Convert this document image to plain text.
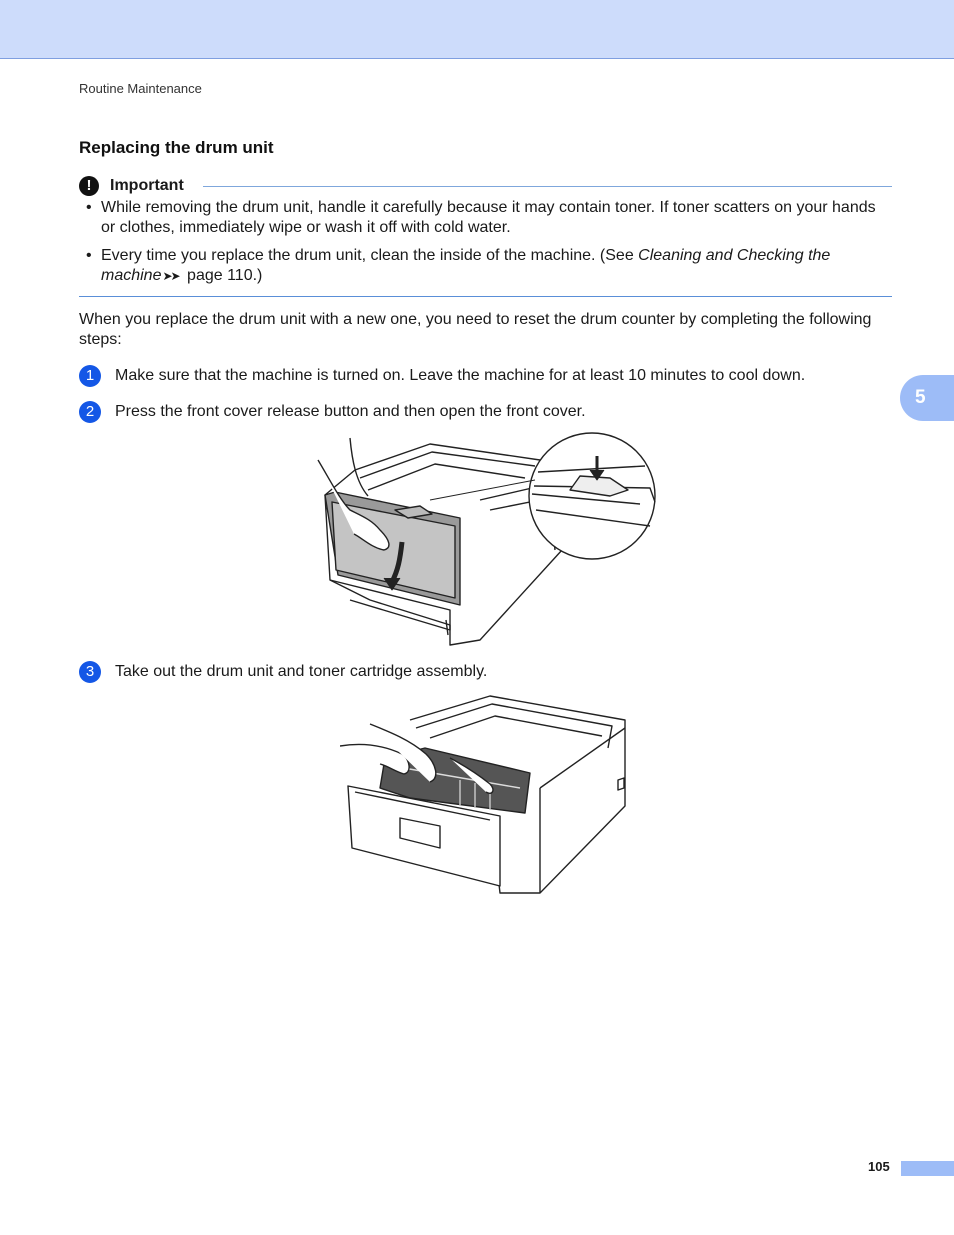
Routine Maintenance
Replacing the drum unit
!	Important
• While removing the drum unit, handle it carefully because it may contain toner. If toner scatters on your hands or clothes, immediately wipe or wash it off with cold water.
• Every time you replace the drum unit, clean the inside of the machine. (See Cleaning and Checking the machine➤➤ page 110.)
When you replace the drum unit with a new one, you need to reset the drum counter by completing the following steps:
1	Make sure that the machine is turned on. Leave the machine for at least 10 minutes to cool down.
2	Press the front cover release button and then open the front cover.
5
3	Take out the drum unit and toner cartridge assembly.
105
